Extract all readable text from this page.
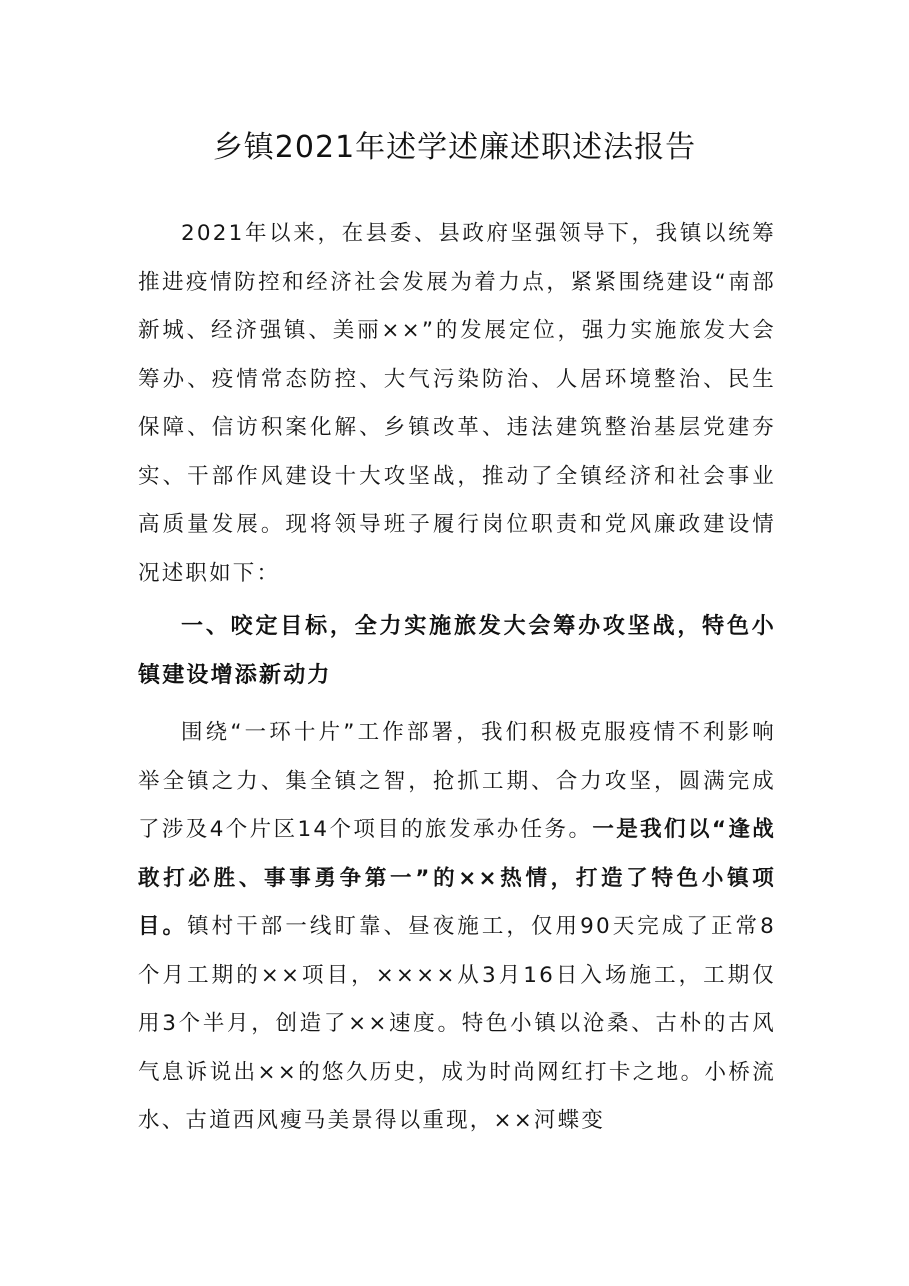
乡镇2021年述学述廉述职述法报告
2021年以来，在县委、县政府坚强领导下，我镇以统筹推进疫情防控和经济社会发展为着力点，紧紧围绕建设“南部新城、经济强镇、美丽××”的发展定位，强力实施旅发大会筹办、疫情常态防控、大气污染防治、人居环境整治、民生保障、信访积案化解、乡镇改革、违法建筑整治基层党建夯实、干部作风建设十大攻坚战，推动了全镇经济和社会事业高质量发展。现将领导班子履行岗位职责和党风廉政建设情况述职如下：
一、咬定目标，全力实施旅发大会筹办攻坚战，特色小镇建设增添新动力
围绕“一环十片”工作部署，我们积极克服疫情不利影响举全镇之力、集全镇之智，抢抓工期、合力攻坚，圆满完成了涉及4个片区14个项目的旅发承办任务。一是我们以“逢战敢打必胜、事事勇争第一”的××热情，打造了特色小镇项目。镇村干部一线盯靠、昼夜施工，仅用90天完成了正常8个月工期的××项目，××××从3月16日入场施工，工期仅用3个半月，创造了××速度。特色小镇以沧桑、古朴的古风气息诉说出××的悠久历史，成为时尚网红打卡之地。小桥流水、古道西风瘦马美景得以重现，××河蝶变
